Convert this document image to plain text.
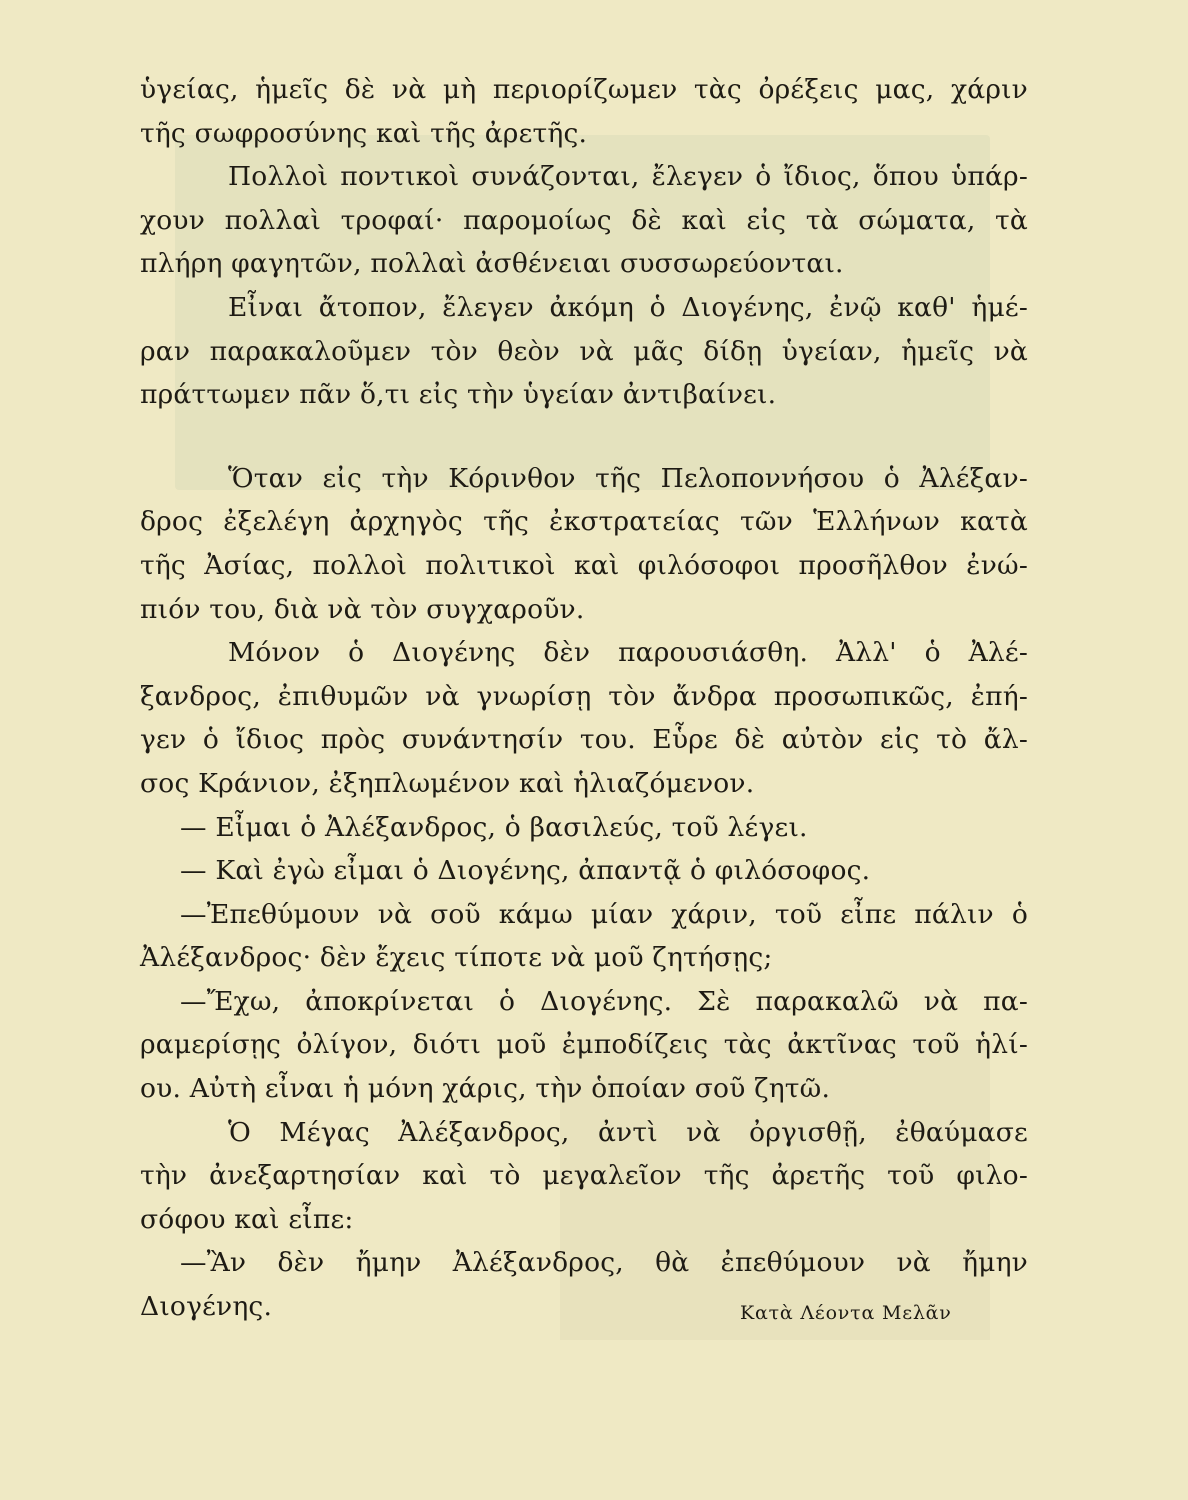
ὑγείας, ἡμεῖς δὲ νὰ μὴ περιορίζωμεν τὰς ὀρέξεις μας, χάριν
τῆς σωφροσύνης καὶ τῆς ἀρετῆς.
Πολλοὶ ποντικοὶ συνάζονται, ἔλεγεν ὁ ἴδιος, ὅπου ὑπάρ-
χουν πολλαὶ τροφαί· παρομοίως δὲ καὶ εἰς τὰ σώματα, τὰ
πλήρη φαγητῶν, πολλαὶ ἀσθένειαι συσσωρεύονται.
Εἶναι ἄτοπον, ἔλεγεν ἀκόμη ὁ Διογένης, ἐνῷ καθ' ἡμέ-
ραν παρακαλοῦμεν τὸν θεὸν νὰ μᾶς δίδῃ ὑγείαν, ἡμεῖς νὰ
πράττωμεν πᾶν ὅ,τι εἰς τὴν ὑγείαν ἀντιβαίνει.
Ὅταν εἰς τὴν Κόρινθον τῆς Πελοποννήσου ὁ Ἀλέξαν-
δρος ἐξελέγη ἀρχηγὸς τῆς ἐκστρατείας τῶν Ἑλλήνων κατὰ
τῆς Ἀσίας, πολλοὶ πολιτικοὶ καὶ φιλόσοφοι προσῆλθον ἐνώ-
πιόν του, διὰ νὰ τὸν συγχαροῦν.
Μόνον ὁ Διογένης δὲν παρουσιάσθη. Ἀλλ' ὁ Ἀλέ-
ξανδρος, ἐπιθυμῶν νὰ γνωρίσῃ τὸν ἄνδρα προσωπικῶς, ἐπή-
γεν ὁ ἴδιος πρὸς συνάντησίν του. Εὗρε δὲ αὐτὸν εἰς τὸ ἄλ-
σος Κράνιον, ἐξηπλωμένον καὶ ἡλιαζόμενον.
— Εἶμαι ὁ Ἀλέξανδρος, ὁ βασιλεύς, τοῦ λέγει.
— Καὶ ἐγὼ εἶμαι ὁ Διογένης, ἀπαντᾷ ὁ φιλόσοφος.
—Ἐπεθύμουν νὰ σοῦ κάμω μίαν χάριν, τοῦ εἶπε πάλιν ὁ
Ἀλέξανδρος· δὲν ἔχεις τίποτε νὰ μοῦ ζητήσῃς;
—Ἔχω, ἀποκρίνεται ὁ Διογένης. Σὲ παρακαλῶ νὰ πα-
ραμερίσῃς ὀλίγον, διότι μοῦ ἐμποδίζεις τὰς ἀκτῖνας τοῦ ἡλί-
ου. Αὐτὴ εἶναι ἡ μόνη χάρις, τὴν ὁποίαν σοῦ ζητῶ.
Ὁ Μέγας Ἀλέξανδρος, ἀντὶ νὰ ὀργισθῇ, ἐθαύμασε
τὴν ἀνεξαρτησίαν καὶ τὸ μεγαλεῖον τῆς ἀρετῆς τοῦ φιλο-
σόφου καὶ εἶπε:
—Ἂν δὲν ἤμην Ἀλέξανδρος, θὰ ἐπεθύμουν νὰ ἤμην
Διογένης.	Κατὰ Λέοντα Μελᾶν
